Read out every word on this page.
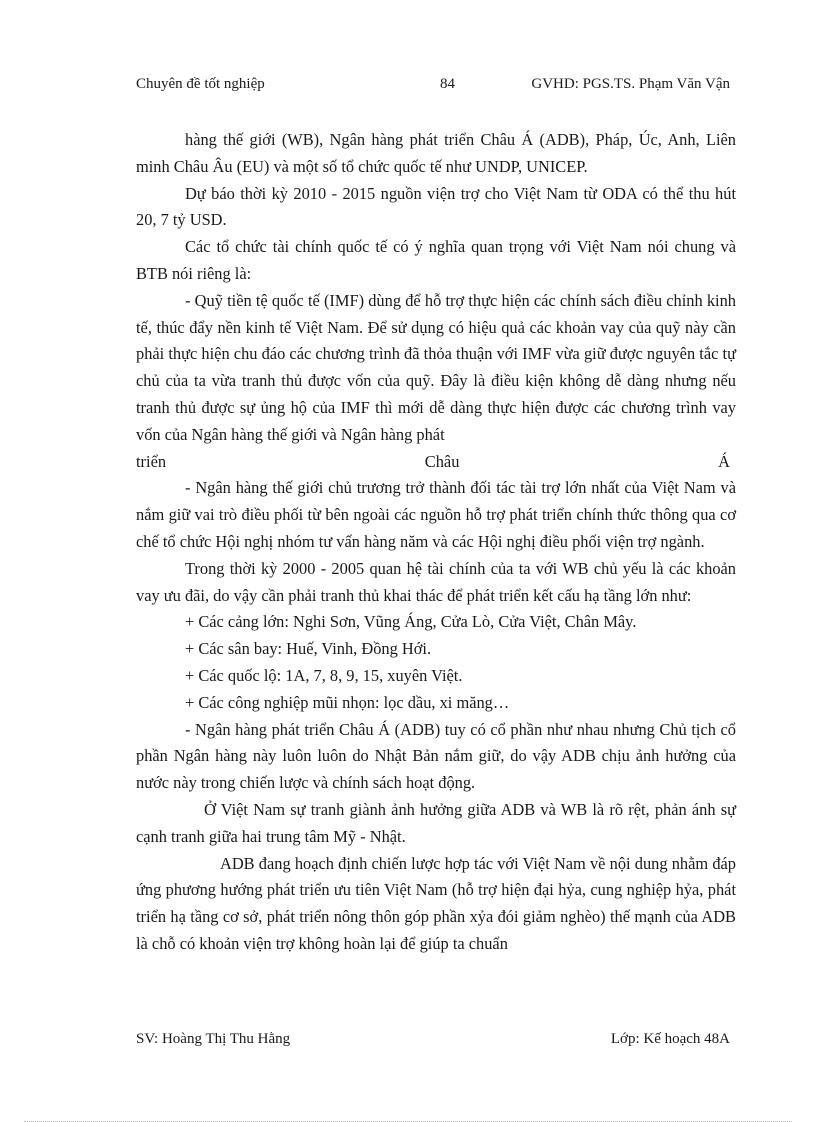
Chuyên đề tốt nghiệp	84	GVHD: PGS.TS. Phạm Văn Vận

hàng thế giới (WB), Ngân hàng phát triển Châu Á (ADB), Pháp, Úc, Anh, Liên minh Châu Âu (EU) và một số tổ chức quốc tế như UNDP, UNICEP.

Dự báo thời kỳ 2010 - 2015 nguồn viện trợ cho Việt Nam từ ODA có thể thu hút 20, 7 tỷ USD.

Các tổ chức tài chính quốc tế có ý nghĩa quan trọng với Việt Nam nói chung và BTB nói riêng là:

- Quỹ tiền tệ quốc tế (IMF) dùng để hỗ trợ thực hiện các chính sách điều chỉnh kinh tế, thúc đẩy nền kinh tế Việt Nam. Để sử dụng có hiệu quả các khoản vay của quỹ này cần phải thực hiện chu đáo các chương trình đã thỏa thuận với IMF vừa giữ được nguyên tắc tự chủ của ta vừa tranh thủ được vốn của quỹ. Đây là điều kiện không dễ dàng nhưng nếu tranh thủ được sự ủng hộ của IMF thì mới dễ dàng thực hiện được các chương trình vay vốn của Ngân hàng thế giới và Ngân hàng phát

triển	Châu	Á

- Ngân hàng thế giới chủ trương trở thành đối tác tài trợ lớn nhất của Việt Nam và nắm giữ vai trò điều phối từ bên ngoài các nguồn hỗ trợ phát triển chính thức thông qua cơ chế tổ chức Hội nghị nhóm tư vấn hàng năm và các Hội nghị điều phối viện trợ ngành.

Trong thời kỳ 2000 - 2005 quan hệ tài chính của ta với WB chủ yếu là các khoản vay ưu đãi, do vậy cần phải tranh thủ khai thác để phát triển kết cấu hạ tầng lớn như:

+ Các cảng lớn: Nghi Sơn, Vũng Áng, Cửa Lò, Cửa Việt, Chân Mây.

+ Các sân bay: Huế, Vinh, Đồng Hới.

+ Các quốc lộ: 1A, 7, 8, 9, 15, xuyên Việt.

+ Các công nghiệp mũi nhọn: lọc dầu, xi măng…

- Ngân hàng phát triển Châu Á (ADB) tuy có cổ phần như nhau nhưng Chủ tịch cổ phần Ngân hàng này luôn luôn do Nhật Bản nắm giữ, do vậy ADB chịu ảnh hưởng của nước này trong chiến lược và chính sách hoạt động.

Ở Việt Nam sự tranh giành ảnh hưởng giữa ADB và WB là rõ rệt, phản ánh sự cạnh tranh giữa hai trung tâm Mỹ - Nhật.

ADB đang hoạch định chiến lược hợp tác với Việt Nam về nội dung nhằm đáp ứng phương hướng phát triển ưu tiên Việt Nam (hỗ trợ hiện đại hỷa, cung nghiệp hỷa, phát triển hạ tầng cơ sở, phát triển nông thôn góp phần xỷa đói giảm nghèo) thế mạnh của ADB là chỗ có khoản viện trợ không hoàn lại để giúp ta chuẩn

SV: Hoàng Thị Thu Hằng	Lớp: Kế hoạch 48A
